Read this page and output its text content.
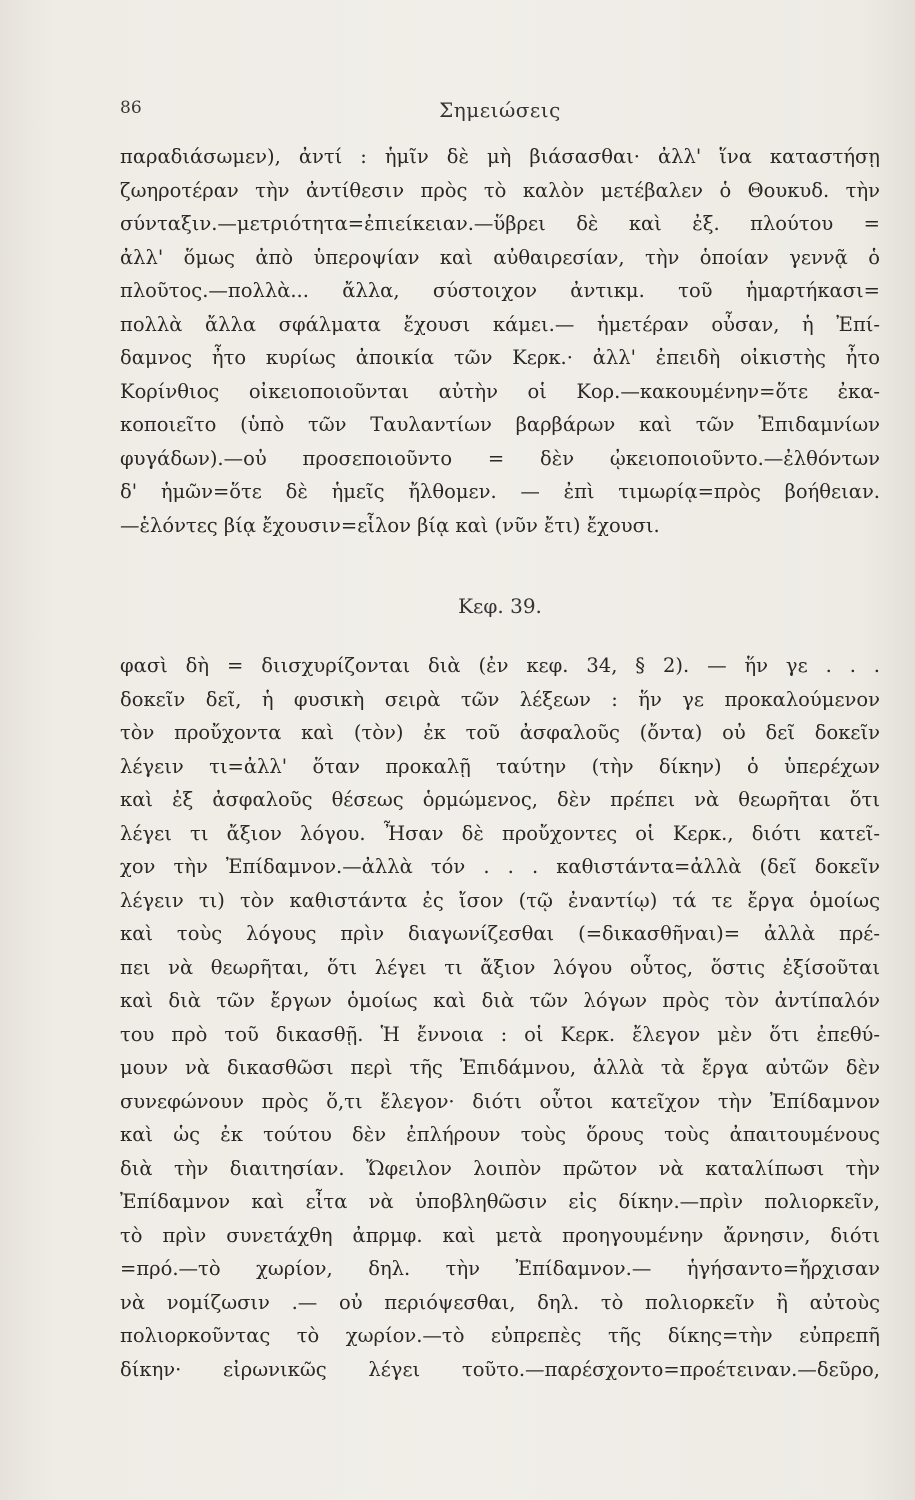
86	Σημειώσεις
παραδιάσωμεν), ἀντί : ἡμῖν δὲ μὴ βιάσασθαι· ἀλλ' ἵνα καταστήσῃ
ζωηροτέραν τὴν ἀντίθεσιν πρὸς τὸ καλὸν μετέβαλεν ὁ Θουκυδ. τὴν
σύνταξιν.—μετριότητα=ἐπιείκειαν.—ὕβρει δὲ καὶ ἐξ. πλούτου =
ἀλλ' ὅμως ἀπὸ ὑπεροψίαν καὶ αὐθαιρεσίαν, τὴν ὁποίαν γεννᾷ ὁ
πλοῦτος.—πολλὰ... ἄλλα, σύστοιχον ἀντικμ. τοῦ ἡμαρτήκασι=
πολλὰ ἄλλα σφάλματα ἔχουσι κάμει.— ἡμετέραν οὖσαν, ἡ Ἐπί-
δαμνος ἦτο κυρίως ἀποικία τῶν Κερκ.· ἀλλ' ἐπειδὴ οἰκιστὴς ἦτο
Κορίνθιος οἰκειοποιοῦνται αὐτὴν οἱ Κορ.—κακουμένην=ὅτε ἐκα-
κοποιεῖτο (ὑπὸ τῶν Ταυλαντίων βαρβάρων καὶ τῶν Ἐπιδαμνίων
φυγάδων).—οὐ προσεποιοῦντο = δὲν ᾠκειοποιοῦντο.—ἐλθόντων
δ' ἡμῶν=ὅτε δὲ ἡμεῖς ἤλθομεν. — ἐπὶ τιμωρίᾳ=πρὸς βοήθειαν.
—ἑλόντες βίᾳ ἔχουσιν=εἷλον βίᾳ καὶ (νῦν ἔτι) ἔχουσι.
Κεφ. 39.
φασὶ δὴ = διισχυρίζονται διὰ (ἐν κεφ. 34, § 2). — ἥν γε . . .
δοκεῖν δεῖ, ἡ φυσικὴ σειρὰ τῶν λέξεων : ἥν γε προκαλούμενον
τὸν προὔχοντα καὶ (τὸν) ἐκ τοῦ ἀσφαλοῦς (ὄντα) οὐ δεῖ δοκεῖν
λέγειν τι=ἀλλ' ὅταν προκαλῇ ταύτην (τὴν δίκην) ὁ ὑπερέχων
καὶ ἐξ ἀσφαλοῦς θέσεως ὁρμώμενος, δὲν πρέπει νὰ θεωρῆται ὅτι
λέγει τι ἄξιον λόγου. Ἦσαν δὲ προὔχοντες οἱ Κερκ., διότι κατεῖ-
χον τὴν Ἐπίδαμνον.—ἀλλὰ τόν . . . καθιστάντα=ἀλλὰ (δεῖ δοκεῖν
λέγειν τι) τὸν καθιστάντα ἐς ἴσον (τῷ ἐναντίῳ) τά τε ἔργα ὁμοίως
καὶ τοὺς λόγους πρὶν διαγωνίζεσθαι (=δικασθῆναι)= ἀλλὰ πρέ-
πει νὰ θεωρῆται, ὅτι λέγει τι ἄξιον λόγου οὗτος, ὅστις ἐξίσοῦται
καὶ διὰ τῶν ἔργων ὁμοίως καὶ διὰ τῶν λόγων πρὸς τὸν ἀντίπαλόν
του πρὸ τοῦ δικασθῇ. Ἡ ἔννοια : οἱ Κερκ. ἔλεγον μὲν ὅτι ἐπεθύ-
μουν νὰ δικασθῶσι περὶ τῆς Ἐπιδάμνου, ἀλλὰ τὰ ἔργα αὐτῶν δὲν
συνεφώνουν πρὸς ὅ,τι ἔλεγον· διότι οὗτοι κατεῖχον τὴν Ἐπίδαμνον
καὶ ὡς ἐκ τούτου δὲν ἐπλήρουν τοὺς ὅρους τοὺς ἀπαιτουμένους
διὰ τὴν διαιτησίαν. Ὤφειλον λοιπὸν πρῶτον νὰ καταλίπωσι τὴν
Ἐπίδαμνον καὶ εἶτα νὰ ὑποβληθῶσιν εἰς δίκην.—πρὶν πολιορκεῖν,
τὸ πρὶν συνετάχθη ἀπρμφ. καὶ μετὰ προηγουμένην ἄρνησιν, διότι
=πρό.—τὸ χωρίον, δηλ. τὴν Ἐπίδαμνον.— ἡγήσαντο=ἤρχισαν
νὰ νομίζωσιν .— οὐ περιόψεσθαι, δηλ. τὸ πολιορκεῖν ἢ αὐτοὺς
πολιορκοῦντας τὸ χωρίον.—τὸ εὐπρεπὲς τῆς δίκης=τὴν εὐπρεπῆ
δίκην· εἰρωνικῶς λέγει τοῦτο.—παρέσχοντο=προέτειναν.—δεῦρο,
